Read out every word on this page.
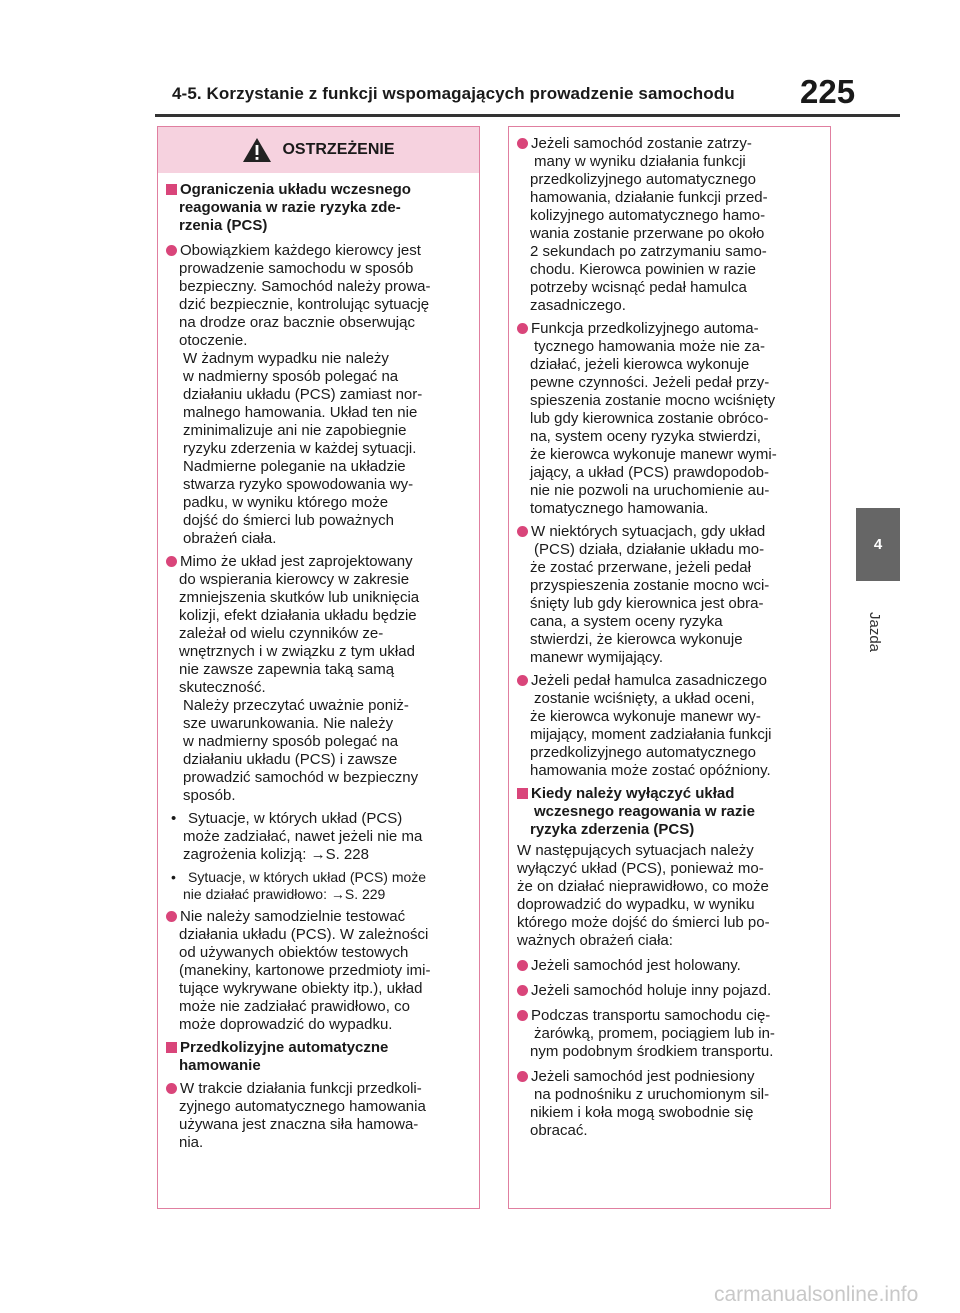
4-5. Korzystanie z funkcji wspomagających prowadzenie samochodu 225
OSTRZEŻENIE
Ograniczenia układu wczesnego
reagowania w razie ryzyka zde-
rzenia (PCS)
Obowiązkiem każdego kierowcy jest
prowadzenie samochodu w sposób
bezpieczny. Samochód należy prowa-
dzić bezpiecznie, kontrolując sytuację
na drodze oraz bacznie obserwując
otoczenie.
W żadnym wypadku nie należy
w nadmierny sposób polegać na
działaniu układu (PCS) zamiast nor-
malnego hamowania. Układ ten nie
zminimalizuje ani nie zapobiegnie
ryzyku zderzenia w każdej sytuacji.
Nadmierne poleganie na układzie
stwarza ryzyko spowodowania wy-
padku, w wyniku którego może
dojść do śmierci lub poważnych
obrażeń ciała.
Mimo że układ jest zaprojektowany
do wspierania kierowcy w zakresie
zmniejszenia skutków lub uniknięcia
kolizji, efekt działania układu będzie
zależał od wielu czynników ze-
wnętrznych i w związku z tym układ
nie zawsze zapewnia taką samą
skuteczność.
Należy przeczytać uważnie poniż-
sze uwarunkowania. Nie należy
w nadmierny sposób polegać na
działaniu układu (PCS) i zawsze
prowadzić samochód w bezpieczny
sposób.
• Sytuacje, w których układ (PCS)
może zadziałać, nawet jeżeli nie ma
zagrożenia kolizją: →S. 228
• Sytuacje, w których układ (PCS) może
nie działać prawidłowo: →S. 229
Nie należy samodzielnie testować
działania układu (PCS). W zależności
od używanych obiektów testowych
(manekiny, kartonowe przedmioty imi-
tujące wykrywane obiekty itp.), układ
może nie zadziałać prawidłowo, co
może doprowadzić do wypadku.
Przedkolizyjne automatyczne
hamowanie
W trakcie działania funkcji przedkoli-
zyjnego automatycznego hamowania
używana jest znaczna siła hamowa-
nia.
Jeżeli samochód zostanie zatrzy-
many w wyniku działania funkcji
przedkolizyjnego automatycznego
hamowania, działanie funkcji przed-
kolizyjnego automatycznego hamo-
wania zostanie przerwane po około
2 sekundach po zatrzymaniu samo-
chodu. Kierowca powinien w razie
potrzeby wcisnąć pedał hamulca
zasadniczego.
Funkcja przedkolizyjnego automa-
tycznego hamowania może nie za-
działać, jeżeli kierowca wykonuje
pewne czynności. Jeżeli pedał przy-
spieszenia zostanie mocno wciśnięty
lub gdy kierownica zostanie obróco-
na, system oceny ryzyka stwierdzi,
że kierowca wykonuje manewr wymi-
jający, a układ (PCS) prawdopodob-
nie nie pozwoli na uruchomienie au-
tomatycznego hamowania.
W niektórych sytuacjach, gdy układ
(PCS) działa, działanie układu mo-
że zostać przerwane, jeżeli pedał
przyspieszenia zostanie mocno wci-
śnięty lub gdy kierownica jest obra-
cana, a system oceny ryzyka
stwierdzi, że kierowca wykonuje
manewr wymijający.
Jeżeli pedał hamulca zasadniczego
zostanie wciśnięty, a układ oceni,
że kierowca wykonuje manewr wy-
mijający, moment zadziałania funkcji
przedkolizyjnego automatycznego
hamowania może zostać opóźniony.
Kiedy należy wyłączyć układ
wczesnego reagowania w razie
ryzyka zderzenia (PCS)
W następujących sytuacjach należy
wyłączyć układ (PCS), ponieważ mo-
że on działać nieprawidłowo, co może
doprowadzić do wypadku, w wyniku
którego może dojść do śmierci lub po-
ważnych obrażeń ciała:
Jeżeli samochód jest holowany.
Jeżeli samochód holuje inny pojazd.
Podczas transportu samochodu cię-
żarówką, promem, pociągiem lub in-
nym podobnym środkiem transportu.
Jeżeli samochód jest podniesiony
na podnośniku z uruchomionym sil-
nikiem i koła mogą swobodnie się
obracać.
4
Jazda
carmanualsonline.info
